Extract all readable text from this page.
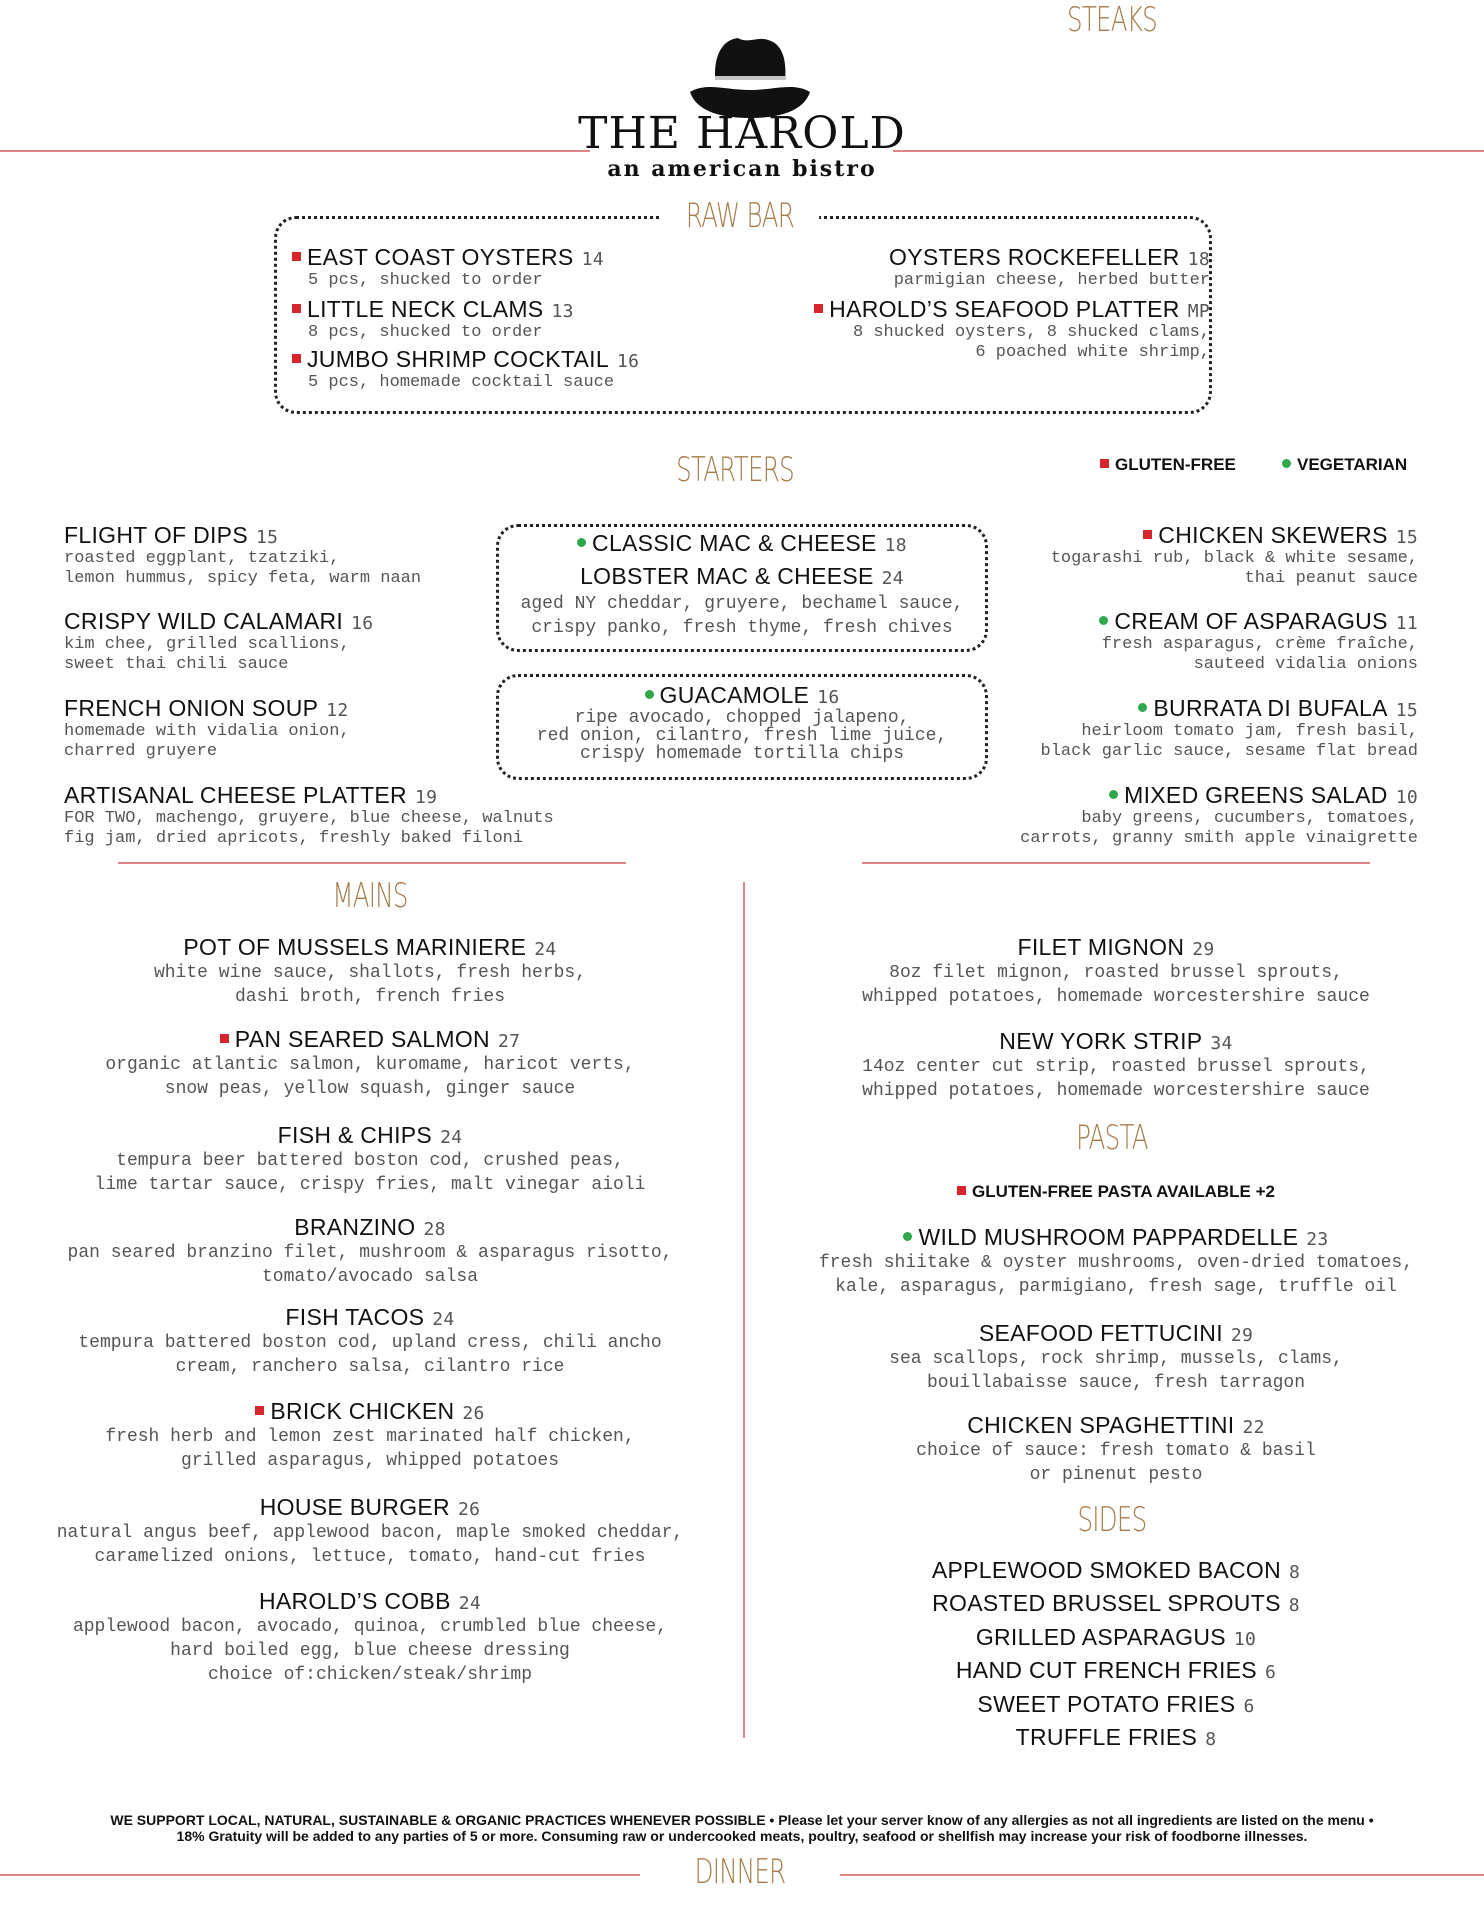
THE HAROLD
an american bistro
RAW BAR
EAST COAST OYSTERS 14
5 pcs, shucked to order
LITTLE NECK CLAMS 13
8 pcs, shucked to order
JUMBO SHRIMP COCKTAIL 16
5 pcs, homemade cocktail sauce
OYSTERS ROCKEFELLER 18
parmigian cheese, herbed butter
HAROLD’S SEAFOOD PLATTER MP
8 shucked oysters, 8 shucked clams,
6 poached white shrimp,
STARTERS	GLUTEN-FREE	VEGETARIAN
FLIGHT OF DIPS 15
roasted eggplant, tzatziki,
lemon hummus, spicy feta, warm naan
CRISPY WILD CALAMARI 16
kim chee, grilled scallions,
sweet thai chili sauce
FRENCH ONION SOUP 12
homemade with vidalia onion,
charred gruyere
ARTISANAL CHEESE PLATTER 19
FOR TWO, machengo, gruyere, blue cheese, walnuts
fig jam, dried apricots, freshly baked filoni
CLASSIC MAC & CHEESE 18
LOBSTER MAC & CHEESE 24
aged NY cheddar, gruyere, bechamel sauce,
crispy panko, fresh thyme, fresh chives
GUACAMOLE 16
ripe avocado, chopped jalapeno,
red onion, cilantro, fresh lime juice,
crispy homemade tortilla chips
CHICKEN SKEWERS 15
togarashi rub, black & white sesame,
thai peanut sauce
CREAM OF ASPARAGUS 11
fresh asparagus, crème fraîche,
sauteed vidalia onions
BURRATA DI BUFALA 15
heirloom tomato jam, fresh basil,
black garlic sauce, sesame flat bread
MIXED GREENS SALAD 10
baby greens, cucumbers, tomatoes,
carrots, granny smith apple vinaigrette
MAINS
POT OF MUSSELS MARINIERE 24
white wine sauce, shallots, fresh herbs,
dashi broth, french fries
PAN SEARED SALMON 27
organic atlantic salmon, kuromame, haricot verts,
snow peas, yellow squash, ginger sauce
FISH & CHIPS 24
tempura beer battered boston cod, crushed peas,
lime tartar sauce, crispy fries, malt vinegar aioli
BRANZINO 28
pan seared branzino filet, mushroom & asparagus risotto,
tomato/avocado salsa
FISH TACOS 24
tempura battered boston cod, upland cress, chili ancho
cream, ranchero salsa, cilantro rice
BRICK CHICKEN 26
fresh herb and lemon zest marinated half chicken,
grilled asparagus, whipped potatoes
HOUSE BURGER 26
natural angus beef, applewood bacon, maple smoked cheddar,
caramelized onions, lettuce, tomato, hand-cut fries
HAROLD’S COBB 24
applewood bacon, avocado, quinoa, crumbled blue cheese,
hard boiled egg, blue cheese dressing
choice of:chicken/steak/shrimp
STEAKS
FILET MIGNON 29
8oz filet mignon, roasted brussel sprouts,
whipped potatoes, homemade worcestershire sauce
NEW YORK STRIP 34
14oz center cut strip, roasted brussel sprouts,
whipped potatoes, homemade worcestershire sauce
PASTA
GLUTEN-FREE PASTA AVAILABLE +2
WILD MUSHROOM PAPPARDELLE 23
fresh shiitake & oyster mushrooms, oven-dried tomatoes,
kale, asparagus, parmigiano, fresh sage, truffle oil
SEAFOOD FETTUCINI 29
sea scallops, rock shrimp, mussels, clams,
bouillabaisse sauce, fresh tarragon
CHICKEN SPAGHETTINI 22
choice of sauce: fresh tomato & basil
or pinenut pesto
SIDES
APPLEWOOD SMOKED BACON 8
ROASTED BRUSSEL SPROUTS 8
GRILLED ASPARAGUS 10
HAND CUT FRENCH FRIES 6
SWEET POTATO FRIES 6
TRUFFLE FRIES 8
WE SUPPORT LOCAL, NATURAL, SUSTAINABLE & ORGANIC PRACTICES WHENEVER POSSIBLE • Please let your server know of any allergies as not all ingredients are listed on the menu •
18% Gratuity will be added to any parties of 5 or more. Consuming raw or undercooked meats, poultry, seafood or shellfish may increase your risk of foodborne illnesses.
DINNER
